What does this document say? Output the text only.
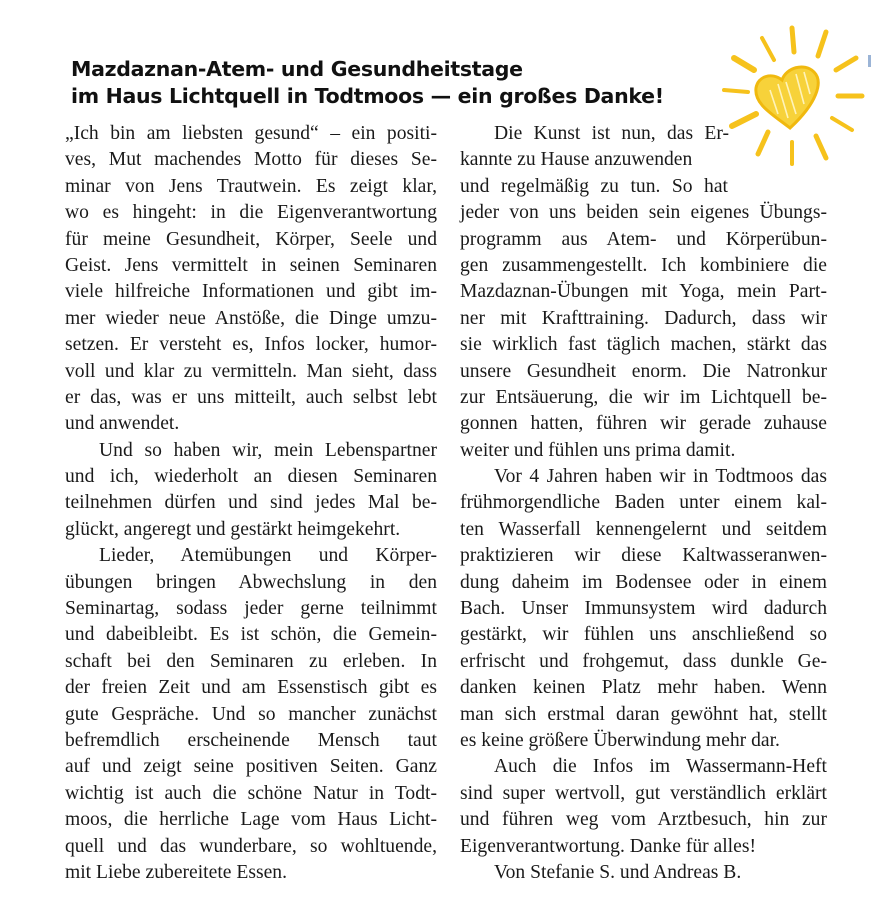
Mazdaznan-Atem- und Gesundheitstage
im Haus Lichtquell in Todtmoos — ein großes Danke!
„Ich bin am liebsten gesund“ – ein positi-
ves, Mut machendes Motto für dieses Se-
minar von Jens Trautwein. Es zeigt klar,
wo es hingeht: in die Eigenverantwortung
für meine Gesundheit, Körper, Seele und
Geist. Jens vermittelt in seinen Seminaren
viele hilfreiche Informationen und gibt im-
mer wieder neue Anstöße, die Dinge umzu-
setzen. Er versteht es, Infos locker, humor-
voll und klar zu vermitteln. Man sieht, dass
er das, was er uns mitteilt, auch selbst lebt
und anwendet.
Und so haben wir, mein Lebenspartner
und ich, wiederholt an diesen Seminaren
teilnehmen dürfen und sind jedes Mal be-
glückt, angeregt und gestärkt heimgekehrt.
Lieder, Atemübungen und Körper-
übungen bringen Abwechslung in den
Seminartag, sodass jeder gerne teilnimmt
und dabeibleibt. Es ist schön, die Gemein-
schaft bei den Seminaren zu erleben. In
der freien Zeit und am Essenstisch gibt es
gute Gespräche. Und so mancher zunächst
befremdlich erscheinende Mensch taut
auf und zeigt seine positiven Seiten. Ganz
wichtig ist auch die schöne Natur in Todt-
moos, die herrliche Lage vom Haus Licht-
quell und das wunderbare, so wohltuende,
mit Liebe zubereitete Essen.
Die Kunst ist nun, das Er-
kannte zu Hause anzuwenden
und regelmäßig zu tun. So hat
jeder von uns beiden sein eigenes Übungs-
programm aus Atem- und Körperübun-
gen zusammengestellt. Ich kombiniere die
Mazdaznan-Übungen mit Yoga, mein Part-
ner mit Krafttraining. Dadurch, dass wir
sie wirklich fast täglich machen, stärkt das
unsere Gesundheit enorm. Die Natronkur
zur Entsäuerung, die wir im Lichtquell be-
gonnen hatten, führen wir gerade zuhause
weiter und fühlen uns prima damit.
Vor 4 Jahren haben wir in Todtmoos das
frühmorgendliche Baden unter einem kal-
ten Wasserfall kennengelernt und seitdem
praktizieren wir diese Kaltwasseranwen-
dung daheim im Bodensee oder in einem
Bach. Unser Immunsystem wird dadurch
gestärkt, wir fühlen uns anschließend so
erfrischt und frohgemut, dass dunkle Ge-
danken keinen Platz mehr haben. Wenn
man sich erstmal daran gewöhnt hat, stellt
es keine größere Überwindung mehr dar.
Auch die Infos im Wassermann-Heft
sind super wertvoll, gut verständlich erklärt
und führen weg vom Arztbesuch, hin zur
Eigenverantwortung. Danke für alles!
Von Stefanie S. und Andreas B.
